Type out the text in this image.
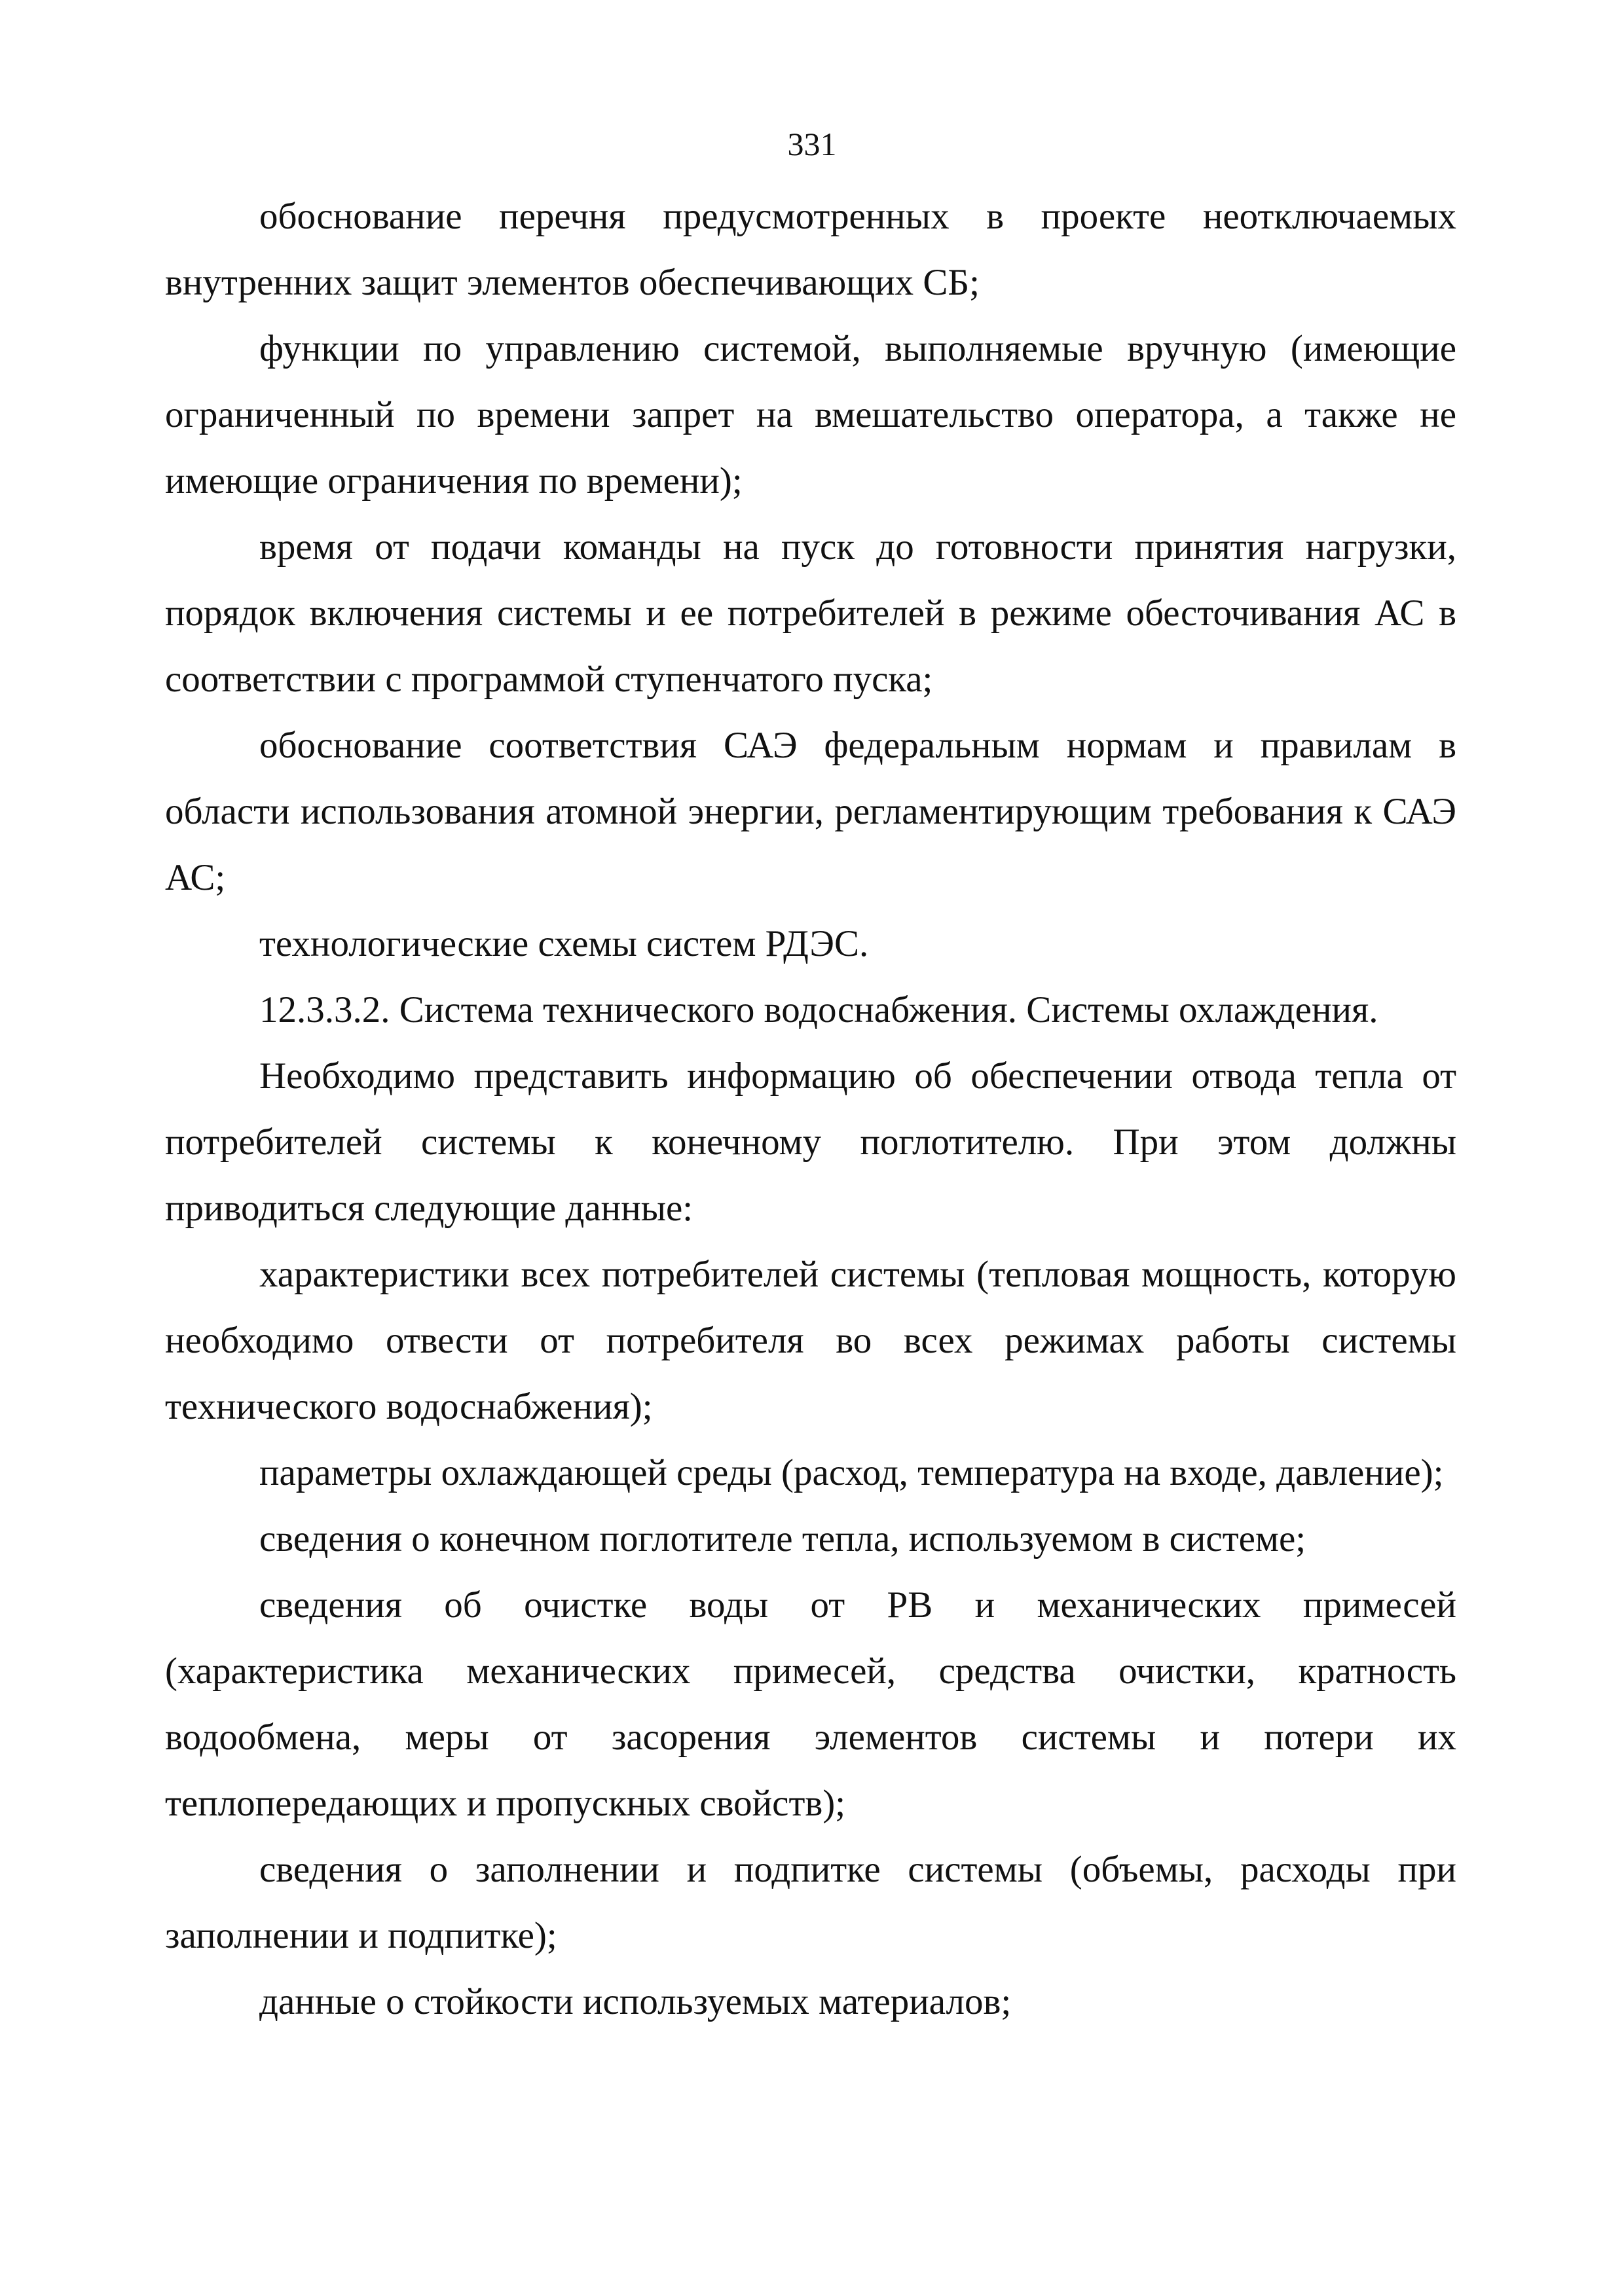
331

обоснование перечня предусмотренных в проекте неотключаемых внутренних защит элементов обеспечивающих СБ;

функции по управлению системой, выполняемые вручную (имеющие ограниченный по времени запрет на вмешательство оператора, а также не имеющие ограничения по времени);

время от подачи команды на пуск до готовности принятия нагрузки, порядок включения системы и ее потребителей в режиме обесточивания АС в соответствии с программой ступенчатого пуска;

обоснование соответствия САЭ федеральным нормам и правилам в области использования атомной энергии, регламентирующим требования к САЭ АС;

технологические схемы систем РДЭС.

12.3.3.2. Система технического водоснабжения. Системы охлаждения.

Необходимо представить информацию об обеспечении отвода тепла от потребителей системы к конечному поглотителю. При этом должны приводиться следующие данные:

характеристики всех потребителей системы (тепловая мощность, которую необходимо отвести от потребителя во всех режимах работы системы технического водоснабжения);

параметры охлаждающей среды (расход, температура на входе, давление);

сведения о конечном поглотителе тепла, используемом в системе;

сведения об очистке воды от РВ и механических примесей (характеристика механических примесей, средства очистки, кратность водообмена, меры от засорения элементов системы и потери их теплопередающих и пропускных свойств);

сведения о заполнении и подпитке системы (объемы, расходы при заполнении и подпитке);

данные о стойкости используемых материалов;
